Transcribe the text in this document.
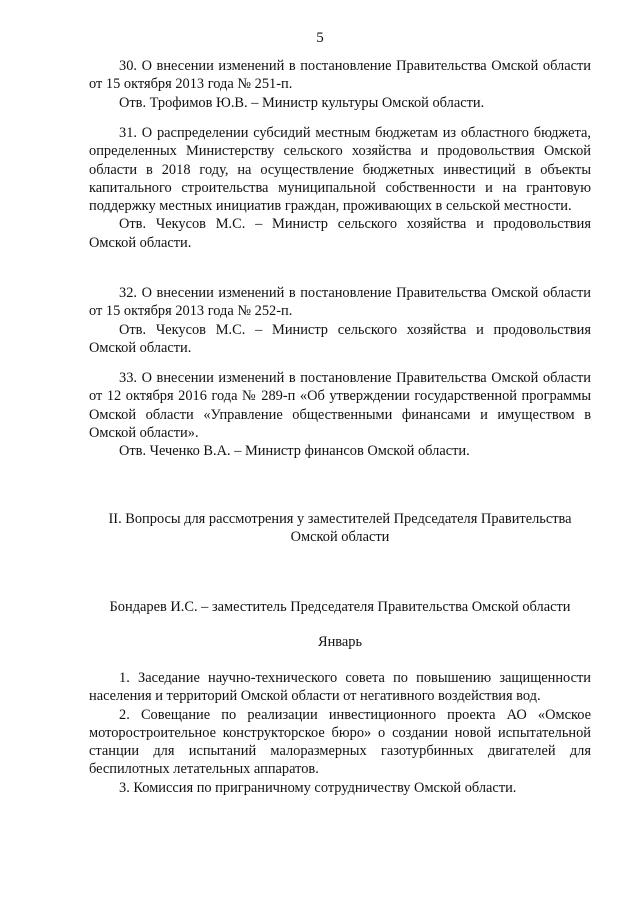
5

30. О внесении изменений в постановление Правительства Омской области от 15 октября 2013 года № 251-п.

Отв. Трофимов Ю.В. – Министр культуры Омской области.

31. О распределении субсидий местным бюджетам из областного бюджета, определенных Министерству сельского хозяйства и продовольствия Омской области в 2018 году, на осуществление бюджетных инвестиций в объекты капитального строительства муниципальной собственности и на грантовую поддержку местных инициатив граждан, проживающих в сельской местности.

Отв. Чекусов М.С. – Министр сельского хозяйства и продовольствия Омской области.

32. О внесении изменений в постановление Правительства Омской области от 15 октября 2013 года № 252-п.

Отв. Чекусов М.С. – Министр сельского хозяйства и продовольствия Омской области.

33. О внесении изменений в постановление Правительства Омской области от 12 октября 2016 года № 289-п «Об утверждении государственной программы Омской области «Управление общественными финансами и имуществом в Омской области».

Отв. Чеченко В.А. – Министр финансов Омской области.

II. Вопросы для рассмотрения у заместителей Председателя Правительства Омской области
Бондарев И.С. – заместитель Председателя Правительства Омской области
Январь

1. Заседание научно-технического совета по повышению защищенности населения и территорий Омской области от негативного воздействия вод.

2. Совещание по реализации инвестиционного проекта АО «Омское моторостроительное конструкторское бюро» о создании новой испытательной станции для испытаний малоразмерных газотурбинных двигателей для беспилотных летательных аппаратов.

3. Комиссия по приграничному сотрудничеству Омской области.
